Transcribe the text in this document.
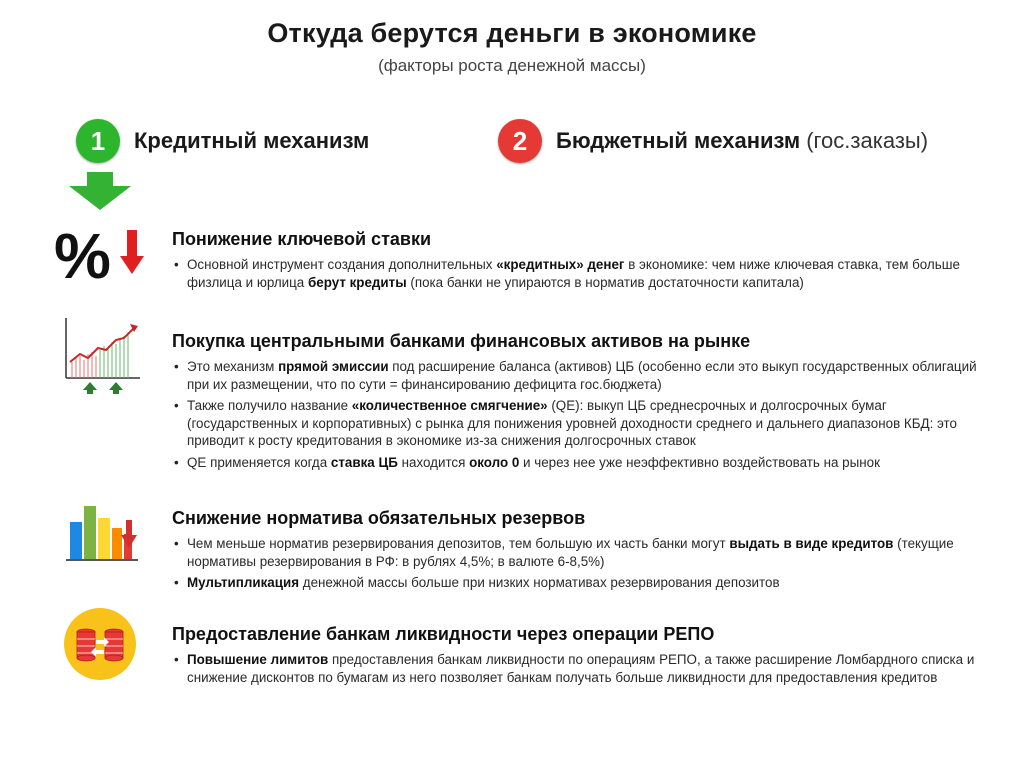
Откуда берутся деньги в экономике
(факторы роста денежной массы)
1	Кредитный механизм	2	Бюджетный механизм (гос.заказы)
%	Понижение ключевой ставки
• Основной инструмент создания дополнительных «кредитных» денег в экономике: чем ниже ключевая ставка, тем больше физлица и юрлица берут кредиты (пока банки не упираются в норматив достаточности капитала)
Покупка центральными банками финансовых активов на рынке
• Это механизм прямой эмиссии под расширение баланса (активов) ЦБ (особенно если это выкуп государственных облигаций при их размещении, что по сути = финансированию дефицита гос.бюджета)
• Также получило название «количественное смягчение» (QE): выкуп ЦБ среднесрочных и долгосрочных бумаг (государственных и корпоративных) с рынка для понижения уровней доходности среднего и дальнего диапазонов КБД: это приводит к росту кредитования в экономике из-за снижения долгосрочных ставок
• QE применяется когда ставка ЦБ находится около 0 и через нее уже неэффективно воздействовать на рынок
Снижение норматива обязательных резервов
• Чем меньше норматив резервирования депозитов, тем большую их часть банки могут выдать в виде кредитов (текущие нормативы резервирования в РФ: в рублях 4,5%; в валюте 6-8,5%)
• Мультипликация денежной массы больше при низких нормативах резервирования депозитов
Предоставление банкам ликвидности через операции РЕПО
• Повышение лимитов предоставления банкам ликвидности по операциям РЕПО, а также расширение Ломбардного списка и снижение дисконтов по бумагам из него позволяет банкам получать больше ликвидности для предоставления кредитов
